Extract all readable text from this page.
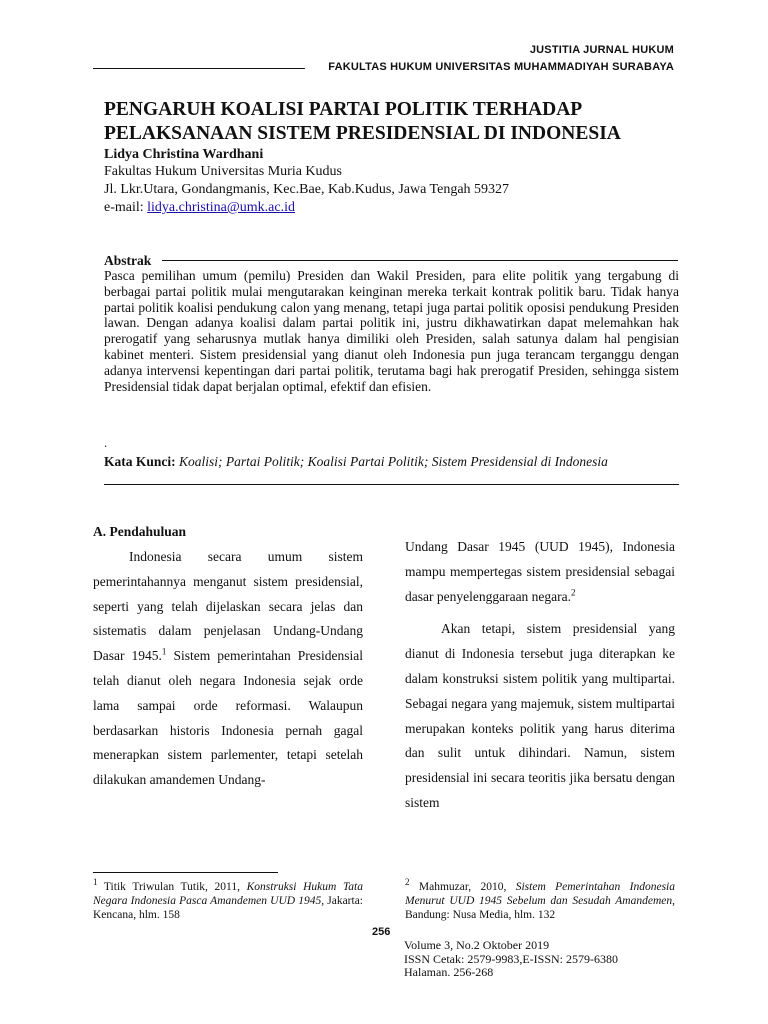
JUSTITIA JURNAL HUKUM
FAKULTAS HUKUM UNIVERSITAS MUHAMMADIYAH SURABAYA
PENGARUH KOALISI PARTAI POLITIK TERHADAP
PELAKSANAAN SISTEM PRESIDENSIAL DI INDONESIA
Lidya Christina Wardhani
Fakultas Hukum Universitas Muria Kudus
Jl. Lkr.Utara, Gondangmanis, Kec.Bae, Kab.Kudus, Jawa Tengah 59327
e-mail: lidya.christina@umk.ac.id
Abstrak
Pasca pemilihan umum (pemilu) Presiden dan Wakil Presiden, para elite politik yang tergabung di berbagai partai politik mulai mengutarakan keinginan mereka terkait kontrak politik baru. Tidak hanya partai politik koalisi pendukung calon yang menang, tetapi juga partai politik oposisi pendukung Presiden lawan. Dengan adanya koalisi dalam partai politik ini, justru dikhawatirkan dapat melemahkan hak prerogatif yang seharusnya mutlak hanya dimiliki oleh Presiden, salah satunya dalam hal pengisian kabinet menteri. Sistem presidensial yang dianut oleh Indonesia pun juga terancam terganggu dengan adanya intervensi kepentingan dari partai politik, terutama bagi hak prerogatif Presiden, sehingga sistem Presidensial tidak dapat berjalan optimal, efektif dan efisien.
.
Kata Kunci: Koalisi; Partai Politik; Koalisi Partai Politik; Sistem Presidensial di Indonesia
A. Pendahuluan

Indonesia secara umum sistem pemerintahannya menganut sistem presidensial, seperti yang telah dijelaskan secara jelas dan sistematis dalam penjelasan Undang-Undang Dasar 1945.$^1$ Sistem pemerintahan Presidensial telah dianut oleh negara Indonesia sejak orde lama sampai orde reformasi. Walaupun berdasarkan historis Indonesia pernah gagal menerapkan sistem parlementer, tetapi setelah dilakukan amandemen Undang-

Undang Dasar 1945 (UUD 1945), Indonesia mampu mempertegas sistem presidensial sebagai dasar penyelenggaraan negara.$^2$

Akan tetapi, sistem presidensial yang dianut di Indonesia tersebut juga diterapkan ke dalam konstruksi sistem politik yang multipartai. Sebagai negara yang majemuk, sistem multipartai merupakan konteks politik yang harus diterima dan sulit untuk dihindari. Namun, sistem presidensial ini secara teoritis jika bersatu dengan sistem

$^1$ Titik Triwulan Tutik, 2011, Konstruksi Hukum Tata Negara Indonesia Pasca Amandemen UUD 1945, Jakarta: Kencana, hlm. 158
$^2$ Mahmuzar, 2010, Sistem Pemerintahan Indonesia Menurut UUD 1945 Sebelum dan Sesudah Amandemen, Bandung: Nusa Media, hlm. 132
256
Volume 3, No.2 Oktober 2019
ISSN Cetak: 2579-9983,E-ISSN: 2579-6380
Halaman. 256-268
